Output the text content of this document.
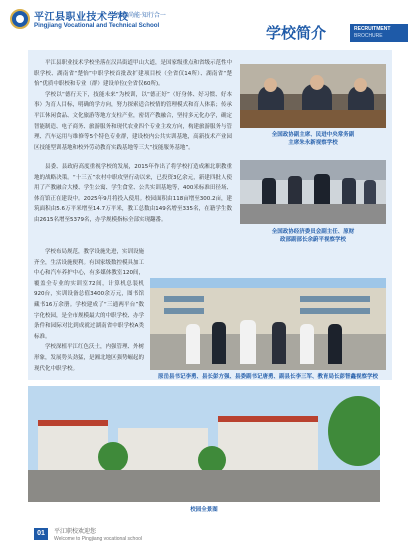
平江县职业技术学校
厚德尚能·知行合一
Pingjiang Vocational and Technical School	学校简介	RECRUITMENT
BROCHURE

平江县职业技术学校坐落在汉昌街道甲山大道，是国家级重点和省级示范性中职学校、湖南省“楚怡”中职学校首批改扩建项目校（全省仅14所）、湖南省“楚怡”优质中职校和专业（群）建设单位(全省仅60所)。

学校以“德行天下，技能未来”为校训，以“德正好”（好身体、好习惯、好本事）为育人目标，明确的学方向，努力探索适合校情的管理模式和育人体系；传承平江休闲食品、文化旅游等地方支柱产业，密切产教融合，坚持多元化办学，确定智能制造、电子商务、旅游服务和现代农业四个专业主攻方向，构建旅游服务与管理、汽车运用与维修等5个特色专业群，建设校内公共实训基地，高新技术产业园区技能型训基地和校外劳动教育实践基地等三大“技能服务基地”。

县委、县政府高度重视学校的发展，2015年作出了将学校打造成湘北职教重地的战略决策。“十三五”农村中职攻坚行动以来，已投资3亿余元，新建四批人使用了产教融合大楼、学生公寓、学生食堂、公共实训基地等，400米标准田径场、体育馆正在建设中。2025年9月将投入使用。校园面积由118亩增至300.2亩，建筑面积由5.6万平米增至14.7万平米，教工总数由149名增至335名，在籍学生数由2615名增至5379名，办学规模指标全部实现翻番。

学校布局规范，教学设施先进，实训设施齐全，生活设施便利。有国家级数控模具加工中心和汽车养护中心，有多媒体教室120间，覆盖全专业的实训室72间，计算机总装机920台，实训设备总值3400余万元，图书馆藏书16万余册。学校建成了“三通两平台”数字化校园，是全市规模最大的中职学校、办学条件和园际对比到成就过湖南省中职学校A类标准。

学校深植平江红色沃土，内强管理、外树形象，发展势头劲猛，是湘北地区强势崛起的现代化中职学校。

全国政协副主席、民进中央常务副
主席朱永新视察学校
全国政协经济委员会副主任、原财
政部副部长余蔚平视察学校
原岳县书记李勇、县长彭方强、县委副书记唐勇、副县长李三军、教育局长彭智鑫视察学校
校园全景图
01	平江职校欢迎您
Welcome to Pingjiang vocational school
